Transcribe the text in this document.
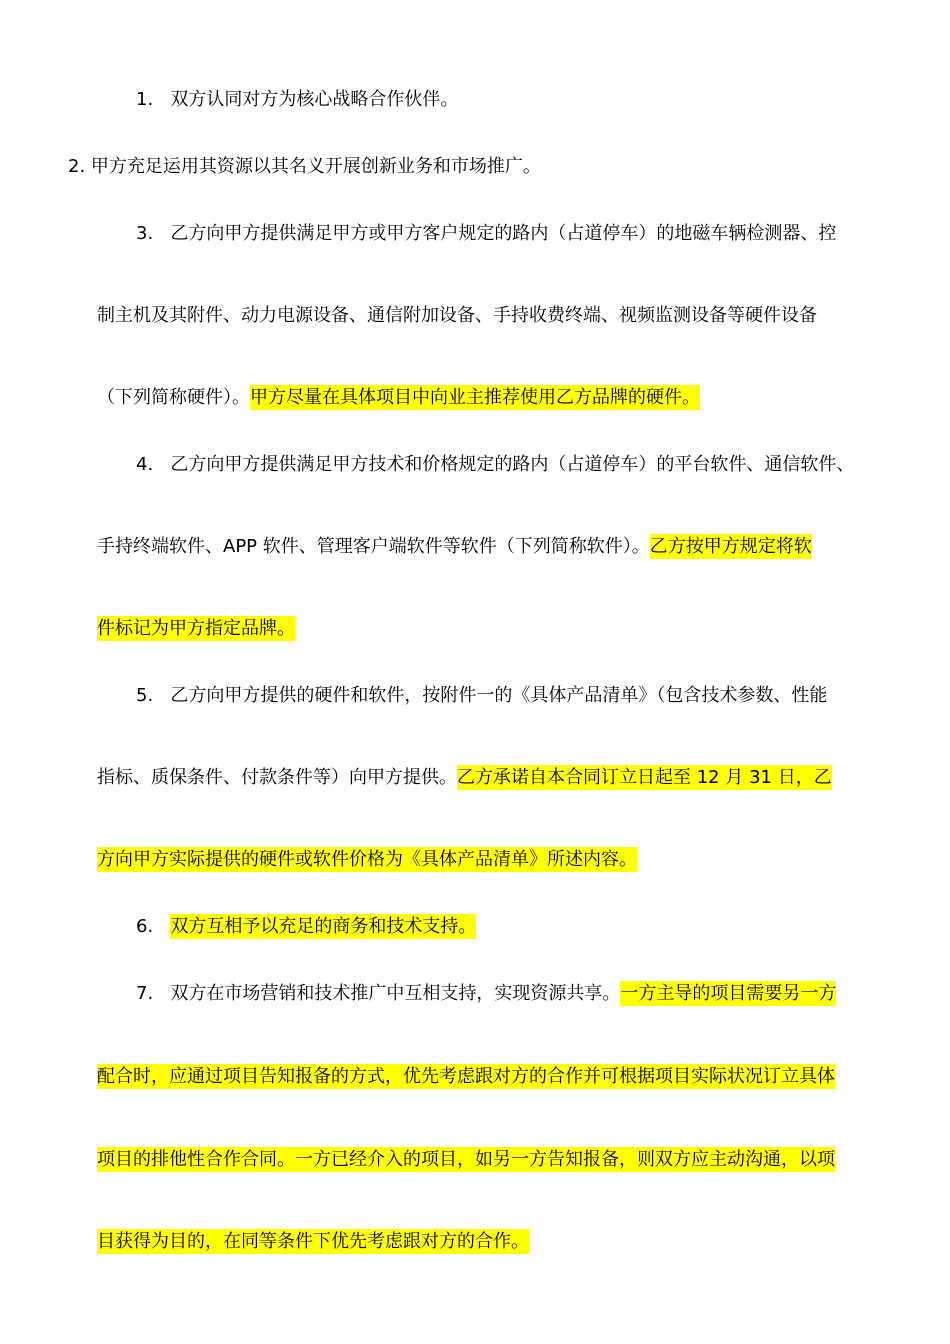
1. 双方认同对方为核心战略合作伙伴。
2. 甲方充足运用其资源以其名义开展创新业务和市场推广。
3. 乙方向甲方提供满足甲方或甲方客户规定的路内（占道停车）的地磁车辆检测器、控
制主机及其附件、动力电源设备、通信附加设备、手持收费终端、视频监测设备等硬件设备
（下列简称硬件）。甲方尽量在具体项目中向业主推荐使用乙方品牌的硬件。
4. 乙方向甲方提供满足甲方技术和价格规定的路内（占道停车）的平台软件、通信软件、
手持终端软件、APP 软件、管理客户端软件等软件（下列简称软件）。乙方按甲方规定将软
件标记为甲方指定品牌。
5. 乙方向甲方提供的硬件和软件，按附件一的《具体产品清单》（包含技术参数、性能
指标、质保条件、付款条件等）向甲方提供。乙方承诺自本合同订立日起至 12 月 31 日，乙
方向甲方实际提供的硬件或软件价格为《具体产品清单》所述内容。
6. 双方互相予以充足的商务和技术支持。
7. 双方在市场营销和技术推广中互相支持，实现资源共享。一方主导的项目需要另一方
配合时，应通过项目告知报备的方式，优先考虑跟对方的合作并可根据项目实际状况订立具体
项目的排他性合作合同。一方已经介入的项目，如另一方告知报备，则双方应主动沟通，以项
目获得为目的，在同等条件下优先考虑跟对方的合作。
